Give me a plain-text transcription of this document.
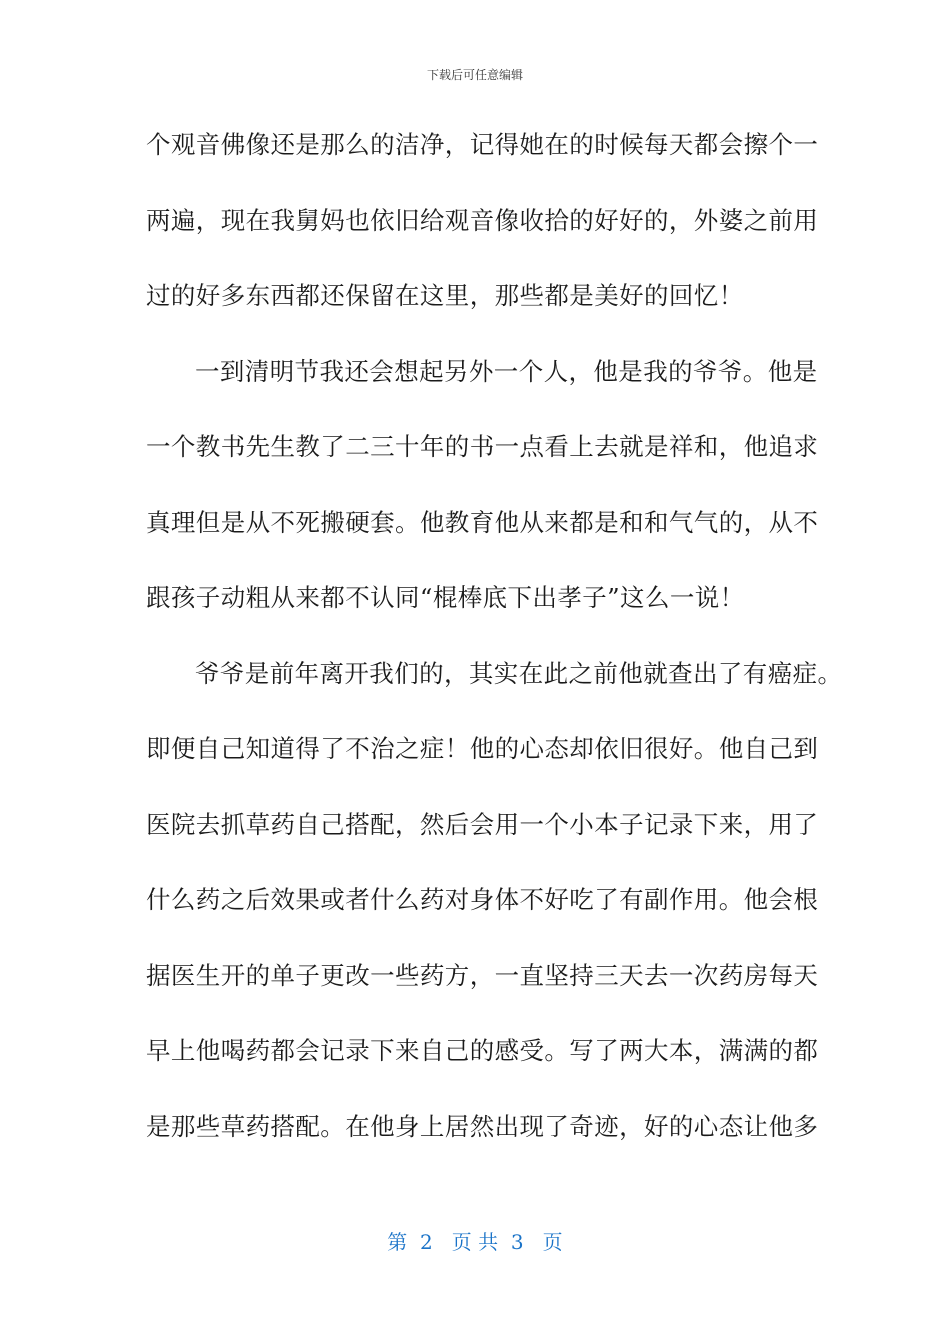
下载后可任意编辑
个观音佛像还是那么的洁净，记得她在的时候每天都会擦个一
两遍，现在我舅妈也依旧给观音像收拾的好好的，外婆之前用
过的好多东西都还保留在这里，那些都是美好的回忆！
一到清明节我还会想起另外一个人，他是我的爷爷。他是
一个教书先生教了二三十年的书一点看上去就是祥和，他追求
真理但是从不死搬硬套。他教育他从来都是和和气气的，从不
跟孩子动粗从来都不认同“棍棒底下出孝子”这么一说！
爷爷是前年离开我们的，其实在此之前他就查出了有癌症。
即便自己知道得了不治之症！他的心态却依旧很好。他自己到
医院去抓草药自己搭配，然后会用一个小本子记录下来，用了
什么药之后效果或者什么药对身体不好吃了有副作用。他会根
据医生开的单子更改一些药方，一直坚持三天去一次药房每天
早上他喝药都会记录下来自己的感受。写了两大本，满满的都
是那些草药搭配。在他身上居然出现了奇迹，好的心态让他多
第  2   页 共  3   页
